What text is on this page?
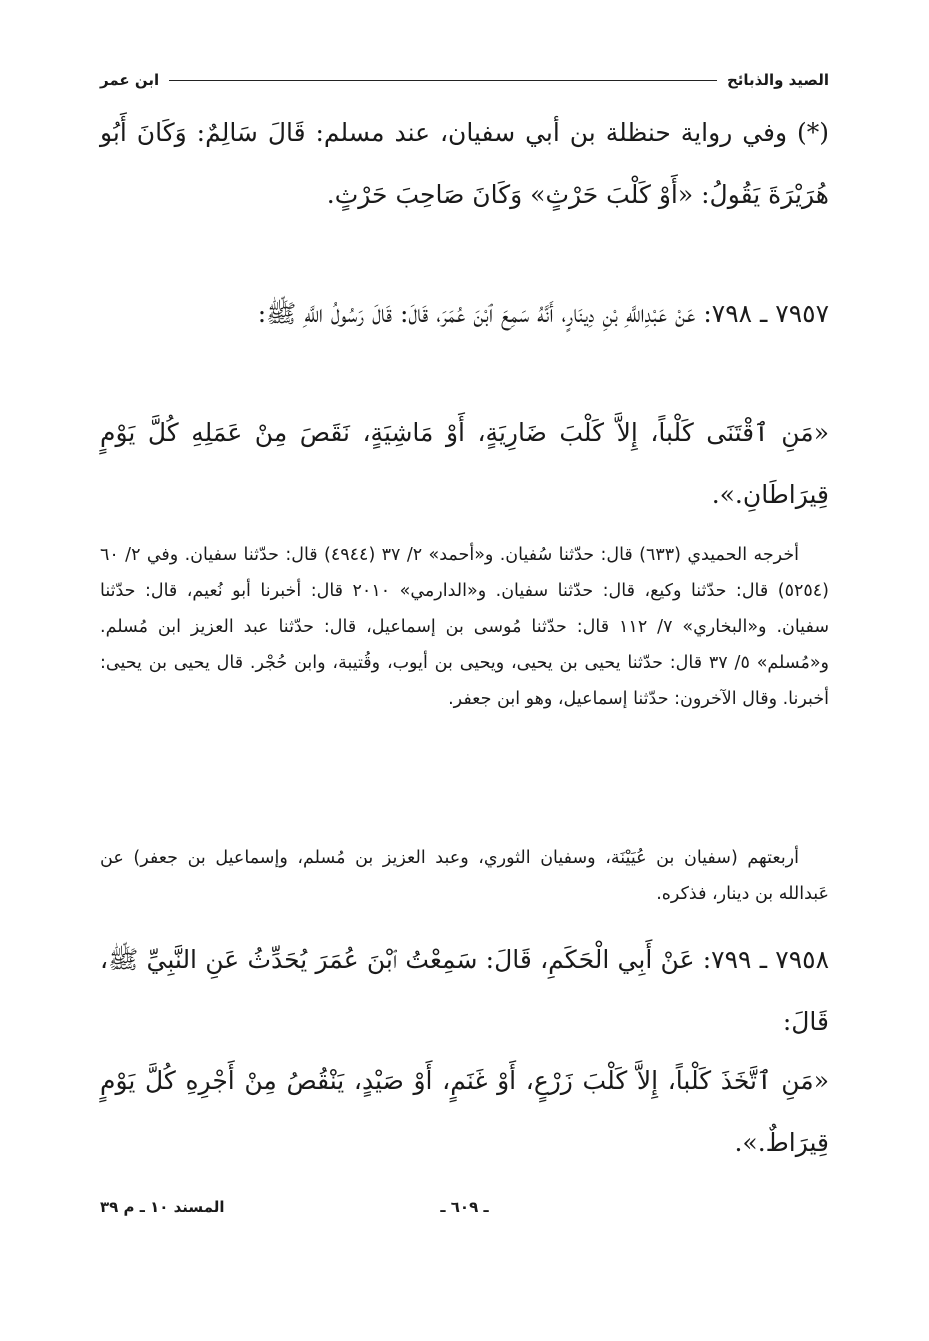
الصيد والذبائح
ابن عمر
(*) وفي رواية حنظلة بن أبي سفيان، عند مسلم: قَالَ سَالِمٌ: وَكَانَ أَبُو هُرَيْرَةَ يَقُولُ: «أَوْ كَلْبَ حَرْثٍ» وَكَانَ صَاحِبَ حَرْثٍ.
٧٩٥٧ ـ ٧٩٨: عَنْ عَبْدِاللَّهِ بْنِ دِينَارٍ، أَنَّهُ سَمِعَ ٱبْنَ عُمَرَ، قَالَ: قَالَ رَسُولُ اللَّهِ ﷺ:
«مَنِ ٱقْتَنَى كَلْباً، إِلاَّ كَلْبَ ضَارِيَةٍ، أَوْ مَاشِيَةٍ، نَقَصَ مِنْ عَمَلِهِ كُلَّ يَوْمٍ قِيرَاطَانِ.».
أخرجه الحميدي (٦٣٣) قال: حدّثنا سُفيان. و«أحمد» ٢/ ٣٧ (٤٩٤٤) قال: حدّثنا سفيان. وفي ٢/ ٦٠ (٥٢٥٤) قال: حدّثنا وكيع، قال: حدّثنا سفيان. و«الدارمي» ٢٠١٠ قال: أخبرنا أبو نُعيم، قال: حدّثنا سفيان. و«البخاري» ٧/ ١١٢ قال: حدّثنا مُوسى بن إسماعيل، قال: حدّثنا عبد العزيز ابن مُسلم. و«مُسلم» ٥/ ٣٧ قال: حدّثنا يحيى بن يحيى، ويحيى بن أيوب، وقُتيبة، وابن حُجْر. قال يحيى بن يحيى: أخبرنا. وقال الآخرون: حدّثنا إسماعيل، وهو ابن جعفر.
أربعتهم (سفيان بن عُيَيْنَة، وسفيان الثوري، وعبد العزيز بن مُسلم، وإسماعيل بن جعفر) عن عَبدالله بن دينار، فذكره.
٧٩٥٨ ـ ٧٩٩: عَنْ أَبِي الْحَكَمِ، قَالَ: سَمِعْتُ ٱبْنَ عُمَرَ يُحَدِّثُ عَنِ النَّبِيِّ ﷺ، قَالَ:
«مَنِ ٱتَّخَذَ كَلْباً، إِلاَّ كَلْبَ زَرْعٍ، أَوْ غَنَمٍ، أَوْ صَيْدٍ، يَنْقُصُ مِنْ أَجْرِهِ كُلَّ يَوْمٍ قِيرَاطٌ.».
ـ ٦٠٩ ـ
المسند ١٠ ـ م ٣٩
